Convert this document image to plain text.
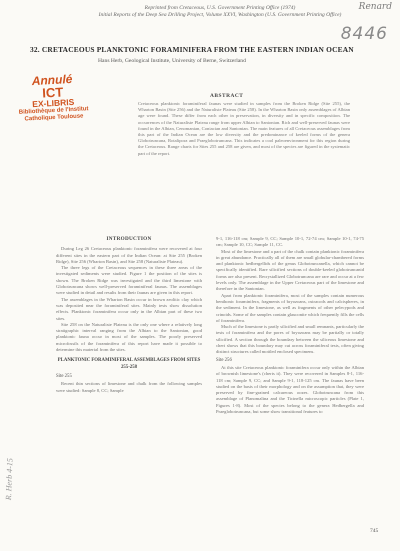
Reprinted from Cretaceous, U.S. Government Printing Office (1974)
Initial Reports of the Deep Sea Drilling Project, Volume XXVI, Washington (U.S. Government Printing Office)
Renard
8446
32. CRETACEOUS PLANKTONIC FORAMINIFERA FROM THE EASTERN INDIAN OCEAN
Hans Herb, Geological Institute, University of Berne, Switzerland
Annulé
ICT
EX-LIBRIS
Bibliothèque de l'Institut Catholique Toulouse
ABSTRACT
Cretaceous planktonic foraminiferal faunas were studied in samples from the Broken Ridge (Site 255), the Wharton Basin (Site 256) and the Naturaliste Plateau (Site 258). In the Wharton Basin only assemblages of Albian age were found. These differ from each other in preservation, in diversity and in specific composition. The occurrences of the Naturaliste Plateau range from upper Albian to Santonian. Rich and well-preserved faunas were found in the Albian, Cenomanian, Coniacian and Santonian. The main features of all Cretaceous assemblages from this part of the Indian Ocean are the low diversity and the predominance of keeled forms of the genera Globotruncana, Rotalipora and Praeglobotruncana. This indicates a cool paleoenvironment for this region during the Cretaceous. Range charts for Sites 255 and 258 are given, and most of the species are figured in the systematic part of the report.
INTRODUCTION

During Leg 26 Cretaceous planktonic foraminifera were recovered at four different sites in the eastern part of the Indian Ocean: at Site 255 (Broken Ridge), Site 256 (Wharton Basin), and Site 258 (Naturaliste Plateau).

The three legs of the Cretaceous sequences in these three areas of the investigated sediments were studied. Figure 1 the position of the sites is shown. The Broken Ridge was investigated and the third limestone with Globotruncana shows well-preserved foraminiferal faunas. The assemblages were studied in detail and results from their faunas are given in this report.

The assemblages in the Wharton Basin occur in brown zeolitic clay which was deposited near the foraminiferal sites. Mainly tests show dissolution effects. Planktonic foraminifera occur only in the Albian part of these two sites.

Site 258 on the Naturaliste Plateau is the only one where a relatively long stratigraphic interval ranging from the Albian to the Santonian, good planktonic fauna occur in most of the samples. The poorly preserved microfossils of the foraminifera of this report have made it possible to determine this material from the sites.

PLANKTONIC FORAMINIFERAL ASSEMBLAGES FROM SITES 255-258
Site 255

Recent thin sections of limestone and chalk from the following samples were studied: Sample 8, CC; Sample

9-1, 116-118 cm; Sample 9, CC; Sample 10-1, 72-74 cm; Sample 10-1, 74-75 cm; Sample 10, CC; Sample 11, CC.

Most of the limestone and a part of the chalk contain planktonic foraminifera in great abundance. Practically all of them are small globular-chambered forms and planktonic hedbergellids of the genus Globotruncanella, which cannot be specifically identified. Rare silicified sections of double-keeled globotruncanid forms are also present. Recrystallized Globotruncana are rare and occur at a few levels only. The assemblage in the Upper Cretaceous part of the limestone and therefore in the Santonian.

Apart from planktonic foraminifera, most of the samples contain numerous benthonic foraminifera, fragments of bryozoans, ostracods and calcispheres, in the sediment. In the limestone, as well as fragments of other pelecypods and crinoids. Some of the samples contain glauconite which frequently fills the cells of foraminifera.

Much of the limestone is partly silicified and small remnants, particularly the tests of foraminifera and the pores of bryozoans may be partially or totally silicified. A section through the boundary between the siliceous limestone and chert shows that this boundary may cut across foraminiferal tests, often giving distinct structures called mottled enclosed specimens.

Site 256

At this site Cretaceous planktonic foraminifera occur only within the Albian of brownish limestone's (cherts it). They were recovered in Samples 8-1, 116-118 cm; Sample 9, CC; and Sample 9-1, 118-125 cm. The faunas have been studied on the basis of their morphology and on the assumption that, they were preserved by fine-grained calcareous oozes. Globotruncana from this assemblage of Planomalina and the Ticinella microscopic particles (Plate 1, Figures 1-8). Most of the species belong to the genera Hedbergella and Praeglobotruncana, but some show transitional features to

745
R. Herb 4-15
